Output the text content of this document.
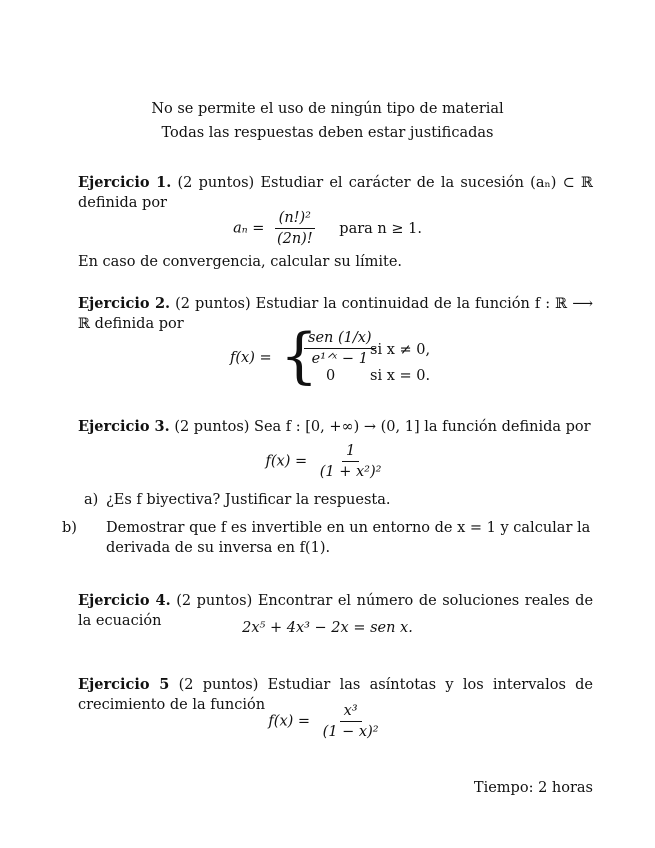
No se permite el uso de ningún tipo de material
Todas las respuestas deben estar justificadas
Ejercicio 1. (2 puntos) Estudiar el carácter de la sucesión (aₙ) ⊂ ℝ definida por
$a_n = \frac{\text{(n!)²}}{(2n)!}$ para n ≥ 1.
En caso de convergencia, calcular su límite.
Ejercicio 2. (2 puntos) Estudiar la continuidad de la función f : ℝ ⟶ ℝ definida por
f(x) = {
$\frac{\text{sen (1/x)}}{\text{e¹ᐟˣ − 1}}$
si x ≠ 0,
0 si x = 0.
Ejercicio 3. (2 puntos) Sea f : [0, +∞) → (0, 1] la función definida por
$f(x) = \frac{1}{\text{(1 + x²)²}}$
a) ¿Es f biyectiva? Justificar la respuesta.
b) Demostrar que f es invertible en un entorno de x = 1 y calcular la derivada de su inversa en f(1).
Ejercicio 4. (2 puntos) Encontrar el número de soluciones reales de la ecuación	2x⁵ + 4x³ − 2x = sen x.
Ejercicio 5 (2 puntos) Estudiar las asíntotas y los intervalos de crecimiento de la función
$f(x) = \frac{\text{x³}}{\text{(1 − x)²}}$
Tiempo: 2 horas
